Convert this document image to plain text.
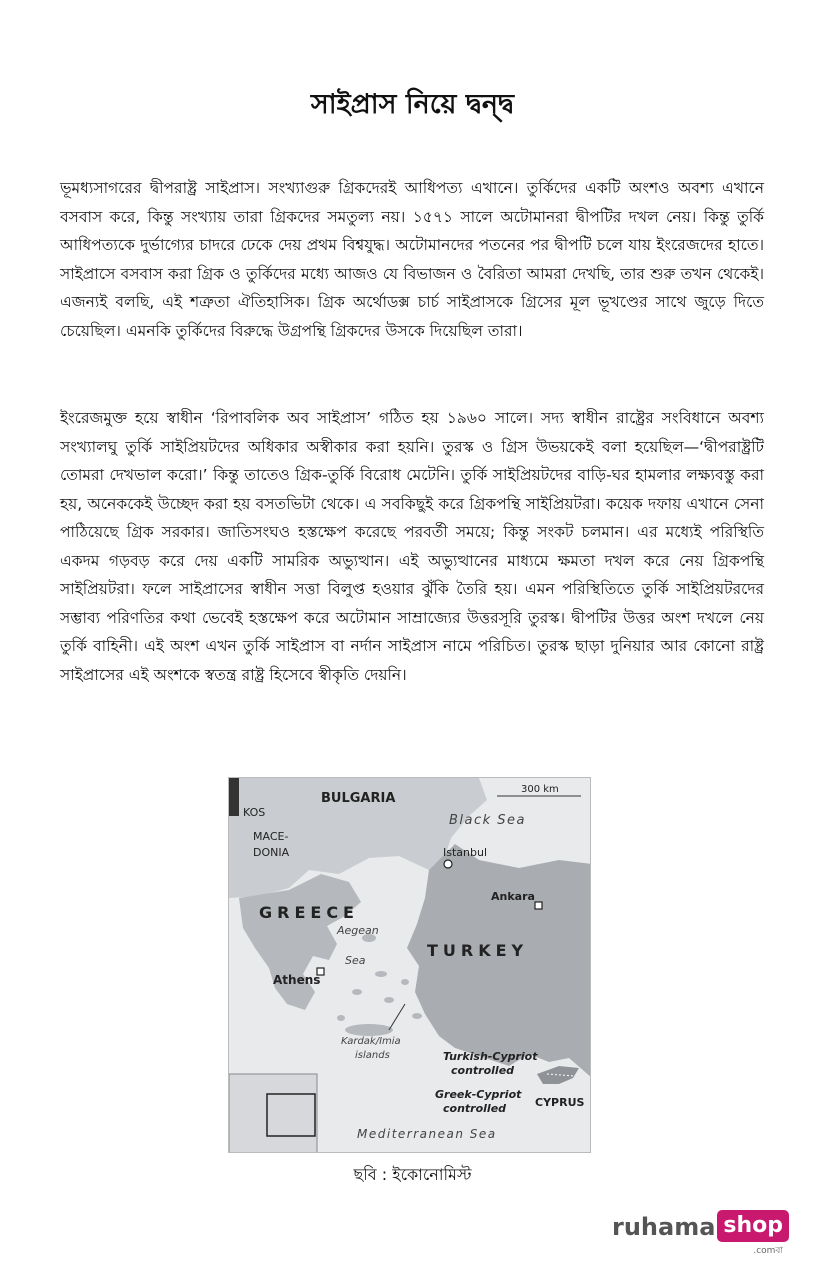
সাইপ্রাস নিয়ে দ্বন্দ্ব

ভূমধ্যসাগরের দ্বীপরাষ্ট্র সাইপ্রাস। সংখ্যাগুরু গ্রিকদেরই আধিপত্য এখানে। তুর্কিদের একটি অংশও অবশ্য এখানে বসবাস করে, কিন্তু সংখ্যায় তারা গ্রিকদের সমতুল্য নয়। ১৫৭১ সালে অটোমানরা দ্বীপটির দখল নেয়। কিন্তু তুর্কি আধিপত্যকে দুর্ভাগ্যের চাদরে ঢেকে দেয় প্রথম বিশ্বযুদ্ধ। অটোমানদের পতনের পর দ্বীপটি চলে যায় ইংরেজদের হাতে। সাইপ্রাসে বসবাস করা গ্রিক ও তুর্কিদের মধ্যে আজও যে বিভাজন ও বৈরিতা আমরা দেখছি, তার শুরু তখন থেকেই। এজন্যই বলছি, এই শত্রুতা ঐতিহাসিক। গ্রিক অর্থোডক্স চার্চ সাইপ্রাসকে গ্রিসের মূল ভূখণ্ডের সাথে জুড়ে দিতে চেয়েছিল। এমনকি তুর্কিদের বিরুদ্ধে উগ্রপন্থি গ্রিকদের উসকে দিয়েছিল তারা।

ইংরেজমুক্ত হয়ে স্বাধীন ‘রিপাবলিক অব সাইপ্রাস’ গঠিত হয় ১৯৬০ সালে। সদ্য স্বাধীন রাষ্ট্রের সংবিধানে অবশ্য সংখ্যালঘু তুর্কি সাইপ্রিয়টদের অধিকার অস্বীকার করা হয়নি। তুরস্ক ও গ্রিস উভয়কেই বলা হয়েছিল—‘দ্বীপরাষ্ট্রটি তোমরা দেখভাল করো।’ কিন্তু তাতেও গ্রিক-তুর্কি বিরোধ মেটেনি। তুর্কি সাইপ্রিয়টদের বাড়ি-ঘর হামলার লক্ষ্যবস্তু করা হয়, অনেককেই উচ্ছেদ করা হয় বসতভিটা থেকে। এ সবকিছুই করে গ্রিকপন্থি সাইপ্রিয়টরা। কয়েক দফায় এখানে সেনা পাঠিয়েছে গ্রিক সরকার। জাতিসংঘও হস্তক্ষেপ করেছে পরবর্তী সময়ে; কিন্তু সংকট চলমান। এর মধ্যেই পরিস্থিতি একদম গড়বড় করে দেয় একটি সামরিক অভ্যুত্থান। এই অভ্যুত্থানের মাধ্যমে ক্ষমতা দখল করে নেয় গ্রিকপন্থি সাইপ্রিয়টরা। ফলে সাইপ্রাসের স্বাধীন সত্তা বিলুপ্ত হওয়ার ঝুঁকি তৈরি হয়। এমন পরিস্থিতিতে তুর্কি সাইপ্রিয়টরদের সম্ভাব্য পরিণতির কথা ভেবেই হস্তক্ষেপ করে অটোমান সাম্রাজ্যের উত্তরসূরি তুরস্ক। দ্বীপটির উত্তর অংশ দখলে নেয় তুর্কি বাহিনী। এই অংশ এখন তুর্কি সাইপ্রাস বা নর্দান সাইপ্রাস নামে পরিচিত। তুরস্ক ছাড়া দুনিয়ার আর কোনো রাষ্ট্র সাইপ্রাসের এই অংশকে স্বতন্ত্র রাষ্ট্র হিসেবে স্বীকৃতি দেয়নি।

300 km
KOS
BULGARIA
MACE-
DONIA
Black Sea
Istanbul
Ankara
GREECE
Aegean
Sea
TURKEY
Athens
Kardak/Imia
islands	Turkish-Cypriot
controlled
Greek-Cypriot
controlled	CYPRUS
Mediterranean Sea
ছবি : ইকোনোমিস্ট
ruhama shop
.comবা
